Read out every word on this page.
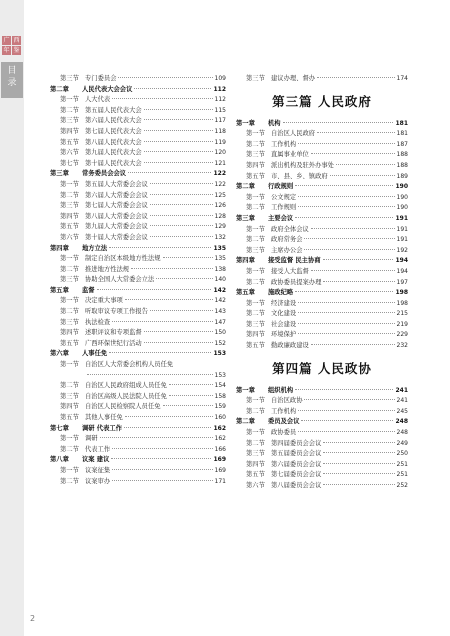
广 西
年 鉴
目
录	第三节 专门委员会	109
第二章	人民代表大会会议	112
第一节 人大代表	112
第二节 第五届人民代表大会	115
第三节 第六届人民代表大会	117
第四节 第七届人民代表大会	118
第五节 第八届人民代表大会	119
第六节 第九届人民代表大会	120
第七节 第十届人民代表大会	121
第三章	常务委员会会议	122
第一节 第五届人大常委会会议	122
第二节 第六届人大常委会会议	125
第三节 第七届人大常委会会议	126
第四节 第八届人大常委会会议	128
第五节 第九届人大常委会会议	129
第六节 第十届人大常委会会议	132
第四章	地方立法	135
第一节 制定自治区本级地方性法规	135
第二节 推进地方性法规	138
第三节 协助全国人大常委会立法	140
第五章	监督	142
第一节 决定重大事项	142
第二节 听取审议专项工作报告	143
第三节 执法检查	147
第四节 述职评议和专项监督	150
第五节 广西环保世纪行活动	152
第六章	人事任免	153
第一节 自治区人大常委会机构人员任免
153
第二节 自治区人民政府组成人员任免	154
第三节 自治区高级人民法院人员任免	158
第四节 自治区人民检察院人员任免	159
第五节 其他人事任免	160
第七章	调研 代表工作	162
第一节 调研	162
第二节 代表工作	166
第八章	议案 建议	169
第一节 议案征集	169
第二节 议案审办	171
第三节 建议办理、督办	174
第三篇 人民政府
第一章	机构	181
第一节 自治区人民政府	181
第二节 工作机构	187
第三节 直属事业单位	188
第四节 派出机构及驻外办事处	188
第五节 市、县、乡、镇政府	189
第二章	行政规则	190
第一节 公文规定	190
第二节 工作规则	190
第三章	主要会议	191
第一节 政府全体会议	191
第二节 政府常务会	191
第三节 主席办公会	192
第四章	接受监督 民主协商	194
第一节 接受人大监督	194
第二节 政协委员提案办理	197
第五章	施政纪略	198
第一节 经济建设	198
第二节 文化建设	215
第三节 社会建设	219
第四节 环境保护	229
第五节 勤政廉政建设	232
第四篇 人民政协
第一章	组织机构	241
第一节 自治区政协	241
第二节 工作机构	245
第二章	委员及会议	248
第一节 政协委员	248
第二节 第四届委员会会议	249
第三节 第五届委员会会议	250
第四节 第六届委员会会议	251
第五节 第七届委员会会议	251
第六节 第八届委员会会议	252
2
